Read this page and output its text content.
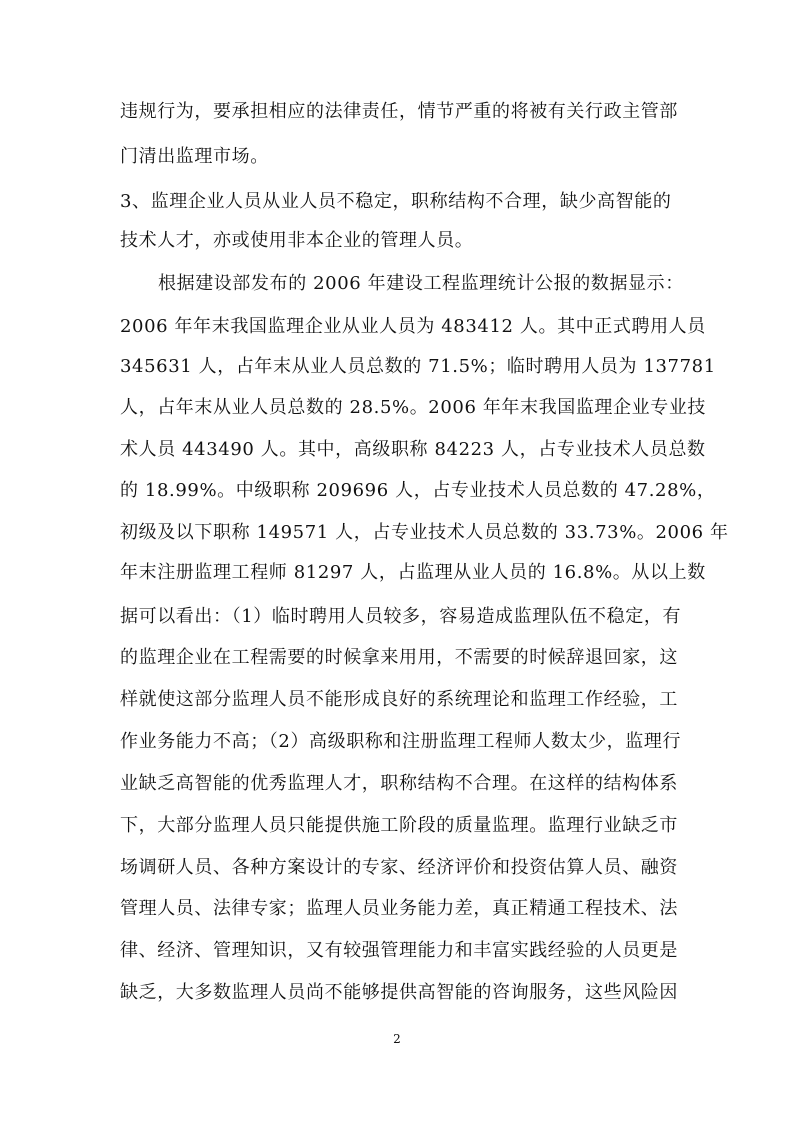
违规行为，要承担相应的法律责任，情节严重的将被有关行政主管部
门清出监理市场。
3、监理企业人员从业人员不稳定，职称结构不合理，缺少高智能的
技术人才，亦或使用非本企业的管理人员。
根据建设部发布的 2006 年建设工程监理统计公报的数据显示：
2006 年年末我国监理企业从业人员为 483412 人。其中正式聘用人员
345631 人，占年末从业人员总数的 71.5%；临时聘用人员为 137781
人，占年末从业人员总数的 28.5%。2006 年年末我国监理企业专业技
术人员 443490 人。其中，高级职称 84223 人，占专业技术人员总数
的 18.99%。中级职称 209696 人，占专业技术人员总数的 47.28%，
初级及以下职称 149571 人，占专业技术人员总数的 33.73%。2006 年
年末注册监理工程师 81297 人，占监理从业人员的 16.8%。从以上数
据可以看出：（1）临时聘用人员较多，容易造成监理队伍不稳定，有
的监理企业在工程需要的时候拿来用用，不需要的时候辞退回家，这
样就使这部分监理人员不能形成良好的系统理论和监理工作经验，工
作业务能力不高；（2）高级职称和注册监理工程师人数太少，监理行
业缺乏高智能的优秀监理人才，职称结构不合理。在这样的结构体系
下，大部分监理人员只能提供施工阶段的质量监理。监理行业缺乏市
场调研人员、各种方案设计的专家、经济评价和投资估算人员、融资
管理人员、法律专家；监理人员业务能力差，真正精通工程技术、法
律、经济、管理知识，又有较强管理能力和丰富实践经验的人员更是
缺乏，大多数监理人员尚不能够提供高智能的咨询服务，这些风险因
2
